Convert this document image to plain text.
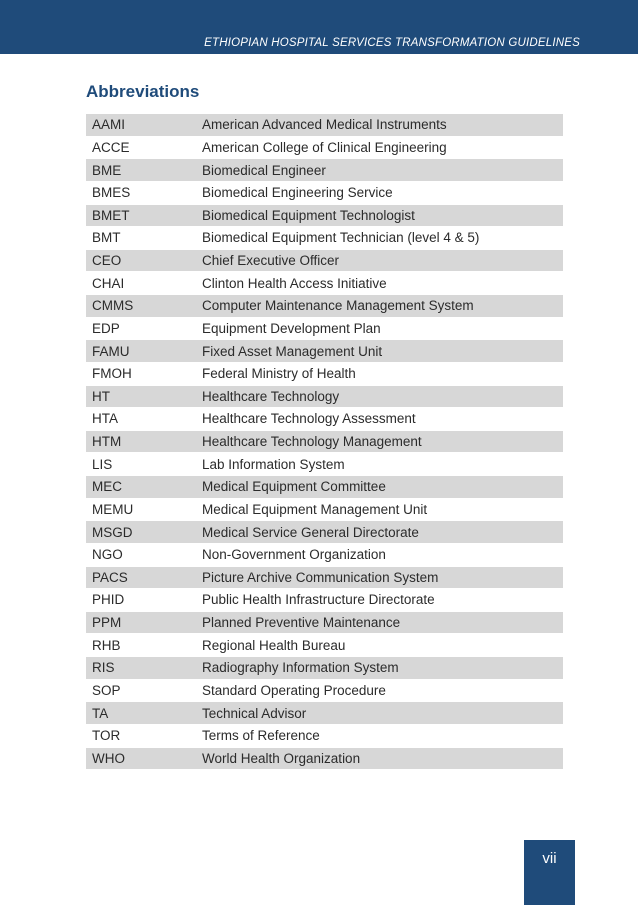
ETHIOPIAN HOSPITAL SERVICES TRANSFORMATION GUIDELINES
Abbreviations
AAMI	American Advanced Medical Instruments
ACCE	American College of Clinical Engineering
BME	Biomedical Engineer
BMES	Biomedical Engineering Service
BMET	Biomedical Equipment Technologist
BMT	Biomedical Equipment Technician (level 4 & 5)
CEO	Chief Executive Officer
CHAI	Clinton Health Access Initiative
CMMS	Computer Maintenance Management System
EDP	Equipment Development Plan
FAMU	Fixed Asset Management Unit
FMOH	Federal Ministry of Health
HT	Healthcare Technology
HTA	Healthcare Technology Assessment
HTM	Healthcare Technology Management
LIS	Lab Information System
MEC	Medical Equipment Committee
MEMU	Medical Equipment Management Unit
MSGD	Medical Service General Directorate
NGO	Non-Government Organization
PACS	Picture Archive Communication System
PHID	Public Health Infrastructure Directorate
PPM	Planned Preventive Maintenance
RHB	Regional Health Bureau
RIS	Radiography Information System
SOP	Standard Operating Procedure
TA	Technical Advisor
TOR	Terms of Reference
WHO	World Health Organization
vii
